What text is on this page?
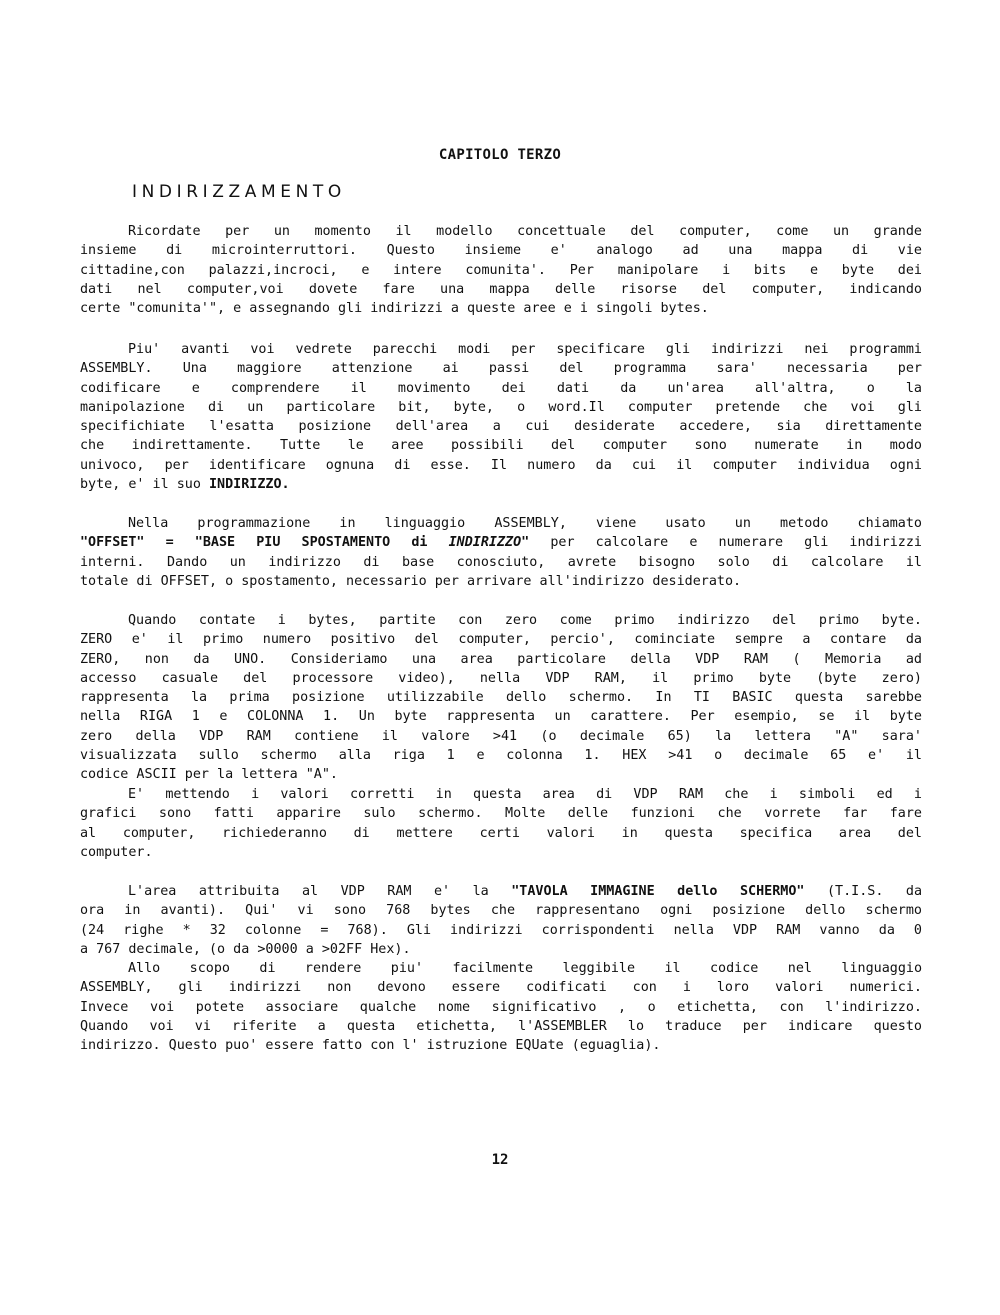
CAPITOLO TERZO
INDIRIZZAMENTO
Ricordate per un momento il modello concettuale del computer, come un grande
insieme di microinterruttori. Questo insieme e' analogo ad una mappa di vie
cittadine,con palazzi,incroci, e intere comunita'. Per manipolare i bits e byte dei
dati nel computer,voi dovete fare una mappa delle risorse del computer, indicando
certe "comunita'", e assegnando gli indirizzi a queste aree e i singoli bytes.
Piu' avanti voi vedrete parecchi modi per specificare gli indirizzi nei programmi
ASSEMBLY. Una maggiore attenzione ai passi del programma sara' necessaria per
codificare e comprendere il movimento dei dati da un'area all'altra, o la
manipolazione di un particolare bit, byte, o word.Il computer pretende che voi gli
specifichiate l'esatta posizione dell'area a cui desiderate accedere, sia direttamente
che indirettamente. Tutte le aree possibili del computer sono numerate in modo
univoco, per identificare ognuna di esse. Il numero da cui il computer individua ogni
byte, e' il suo INDIRIZZO.
Nella programmazione in linguaggio ASSEMBLY, viene usato un metodo chiamato
"OFFSET" = "BASE PIU SPOSTAMENTO di INDIRIZZO" per calcolare e numerare gli indirizzi
interni. Dando un indirizzo di base conosciuto, avrete bisogno solo di calcolare il
totale di OFFSET, o spostamento, necessario per arrivare all'indirizzo desiderato.
Quando contate i bytes, partite con zero come primo indirizzo del primo byte.
ZERO e' il primo numero positivo del computer, percio', cominciate sempre a contare da
ZERO, non da UNO. Consideriamo una area particolare della VDP RAM ( Memoria ad
accesso casuale del processore video), nella VDP RAM, il primo byte (byte zero)
rappresenta la prima posizione utilizzabile dello schermo. In TI BASIC questa sarebbe
nella RIGA 1 e COLONNA 1. Un byte rappresenta un carattere. Per esempio, se il byte
zero della VDP RAM contiene il valore >41 (o decimale 65) la lettera "A" sara'
visualizzata sullo schermo alla riga 1 e colonna 1. HEX >41 o decimale 65 e' il
codice ASCII per la lettera "A".
E' mettendo i valori corretti in questa area di VDP RAM che i simboli ed i
grafici sono fatti apparire sulo schermo. Molte delle funzioni che vorrete far fare
al computer, richiederanno di mettere certi valori in questa specifica area del
computer.
L'area attribuita al VDP RAM e' la "TAVOLA IMMAGINE dello SCHERMO" (T.I.S. da
ora in avanti). Qui' vi sono 768 bytes che rappresentano ogni posizione dello schermo
(24 righe * 32 colonne = 768). Gli indirizzi corrispondenti nella VDP RAM vanno da 0
a 767 decimale, (o da >0000 a >02FF Hex).
Allo scopo di rendere piu' facilmente leggibile il codice nel linguaggio
ASSEMBLY, gli indirizzi non devono essere codificati con i loro valori numerici.
Invece voi potete associare qualche nome significativo , o etichetta, con l'indirizzo.
Quando voi vi riferite a questa etichetta, l'ASSEMBLER lo traduce per indicare questo
indirizzo. Questo puo' essere fatto con l' istruzione EQUate (eguaglia).
12
